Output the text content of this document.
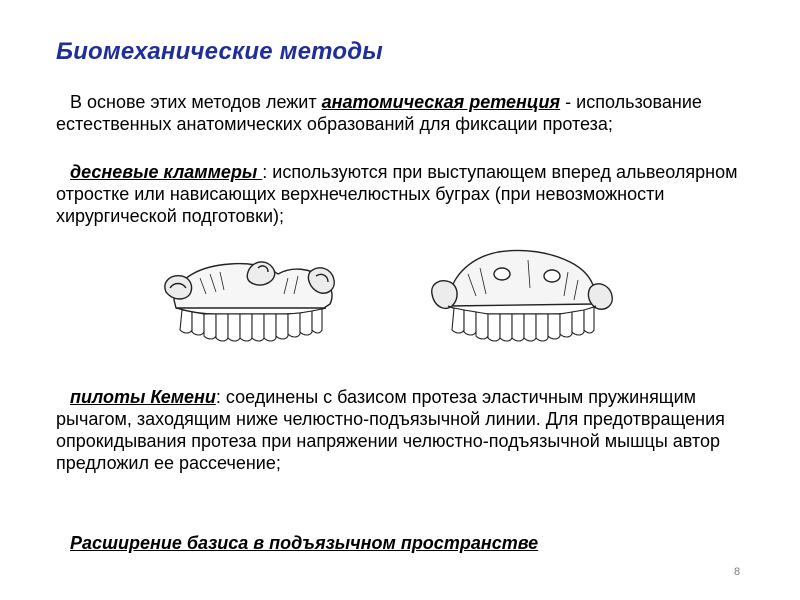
Биомеханические методы
В основе этих методов лежит анатомическая ретенция - использование естественных анатомических образований для фиксации протеза;
десневые кламмеры : используются при выступающем вперед альвеолярном отростке или нависающих верхнечелюстных буграх (при невозможности хирургической подготовки);
пилоты Кемени: соединены с базисом протеза эластичным пружинящим рычагом, заходящим ниже челюстно-подъязычной линии. Для предотвращения опрокидывания протеза при напряжении челюстно-подъязычной мышцы автор предложил ее рассечение;
Расширение базиса в подъязычном пространстве
8
